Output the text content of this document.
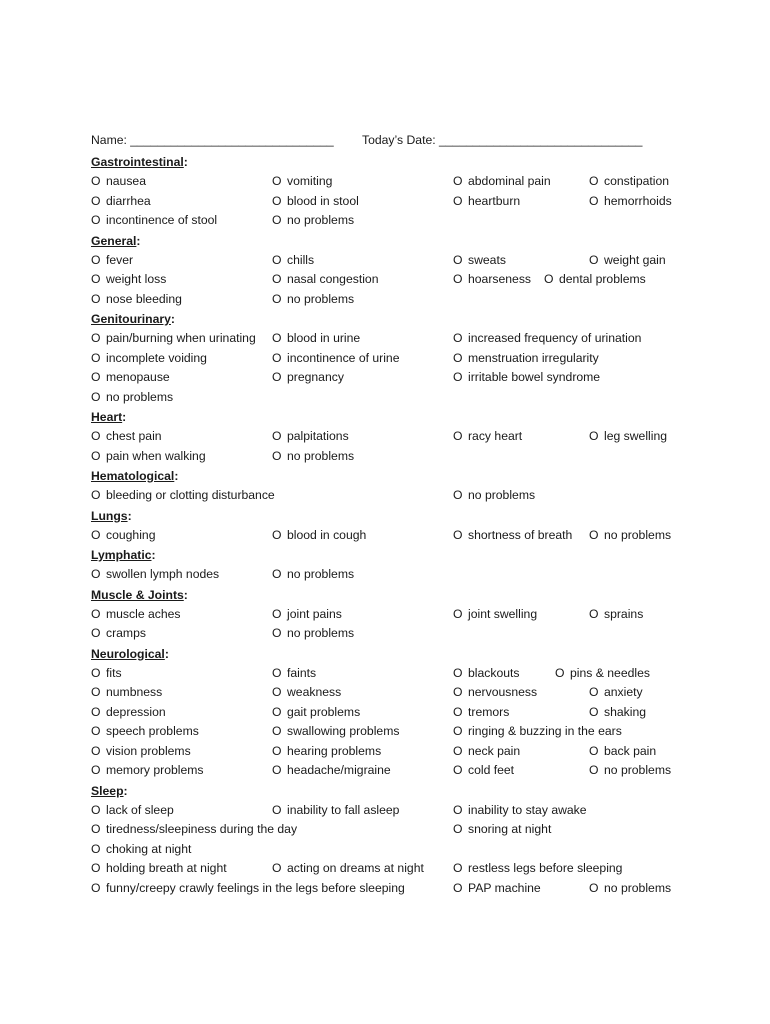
Name: ______________________________ Today’s Date: ______________________________
Gastrointestinal:
O nausea	O vomiting	O abdominal pain	O constipation
O diarrhea	O blood in stool	O heartburn	O hemorrhoids
O incontinence of stool	O no problems
General:
O fever	O chills	O sweats	O weight gain
O weight loss	O nasal congestion	O hoarseness O dental problems
O nose bleeding	O no problems
Genitourinary:
O pain/burning when urinating O blood in urine	O increased frequency of urination
O incomplete voiding	O incontinence of urine	O menstruation irregularity
O menopause	O pregnancy	O irritable bowel syndrome
O no problems
Heart:
O chest pain	O palpitations	O racy heart	O leg swelling
O pain when walking	O no problems
Hematological:
O bleeding or clotting disturbance	O no problems
Lungs:
O coughing	O blood in cough	O shortness of breath O no problems
Lymphatic:
O swollen lymph nodes	O no problems
Muscle & Joints:
O muscle aches	O joint pains	O joint swelling	O sprains
O cramps	O no problems
Neurological:
O fits	O faints	O blackouts	O pins & needles
O numbness	O weakness	O nervousness	O anxiety
O depression	O gait problems	O tremors	O shaking
O speech problems	O swallowing problems	O ringing & buzzing in the ears
O vision problems	O hearing problems	O neck pain	O back pain
O memory problems	O headache/migraine	O cold feet	O no problems
Sleep:
O lack of sleep	O inability to fall asleep	O inability to stay awake
O tiredness/sleepiness during the day	O snoring at night
O choking at night
O holding breath at night	O acting on dreams at night O restless legs before sleeping
O funny/creepy crawly feelings in the legs before sleeping	O PAP machine	O no problems
